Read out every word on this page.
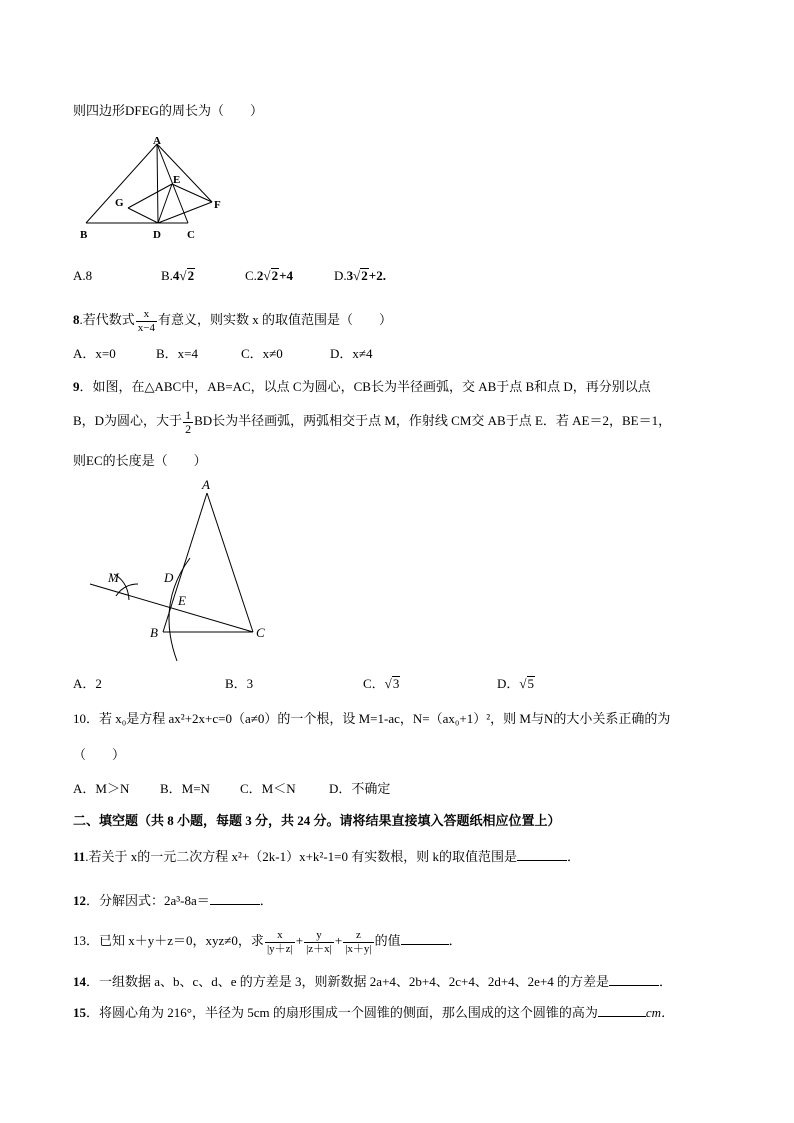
则四边形DFEG的周长为（　　）
A
E
G	F
B	D C
A.8	B.4√2	C.2√2+4	D.3√2+2.
8.若代数式 $\frac{x}{x-4}$ 有意义，则实数 x 的取值范围是（　　）
A．x=0	B．x=4	C．x≠0	D．x≠4
9．如图，在△ABC中，AB=AC，以点 C为圆心，CB长为半径画弧，交 AB于点 B和点 D，再分别以点
B，D为圆心，大于 $\frac{1}{2}$ BD长为半径画弧，两弧相交于点 M，作射线 CM交 AB于点 E．若 AE＝2，BE＝1，
则EC的长度是（　　）
A
M	D
E
B	C
A．2	B．3	C．√3	D．√5
10．若 x₀是方程 ax²+2x+c=0（a≠0）的一个根，设 M=1-ac，N=（ax₀+1）²，则 M与N的大小关系正确的为
（　　）
A．M＞N B．M=N C．M＜N	D．不确定
二、填空题（共 8 小题，每题 3 分，共 24 分。请将结果直接填入答题纸相应位置上）
11.若关于 x的一元二次方程 x²+（2k-1）x+k²-1=0 有实数根，则 k的取值范围是	．
12．分解因式：2a³-8a＝	．
13．已知 x＋y＋z＝0，xyz≠0，求 $\frac{x}{|y+z|} + \frac{y}{|z+x|} + \frac{z}{|x+y|}$ 的值	．
14．一组数据 a、b、c、d、e 的方差是 3，则新数据 2a+4、2b+4、2c+4、2d+4、2e+4 的方差是	．
15．将圆心角为 216°，半径为 5cm 的扇形围成一个圆锥的侧面，那么围成的这个圆锥的高为	cm．
